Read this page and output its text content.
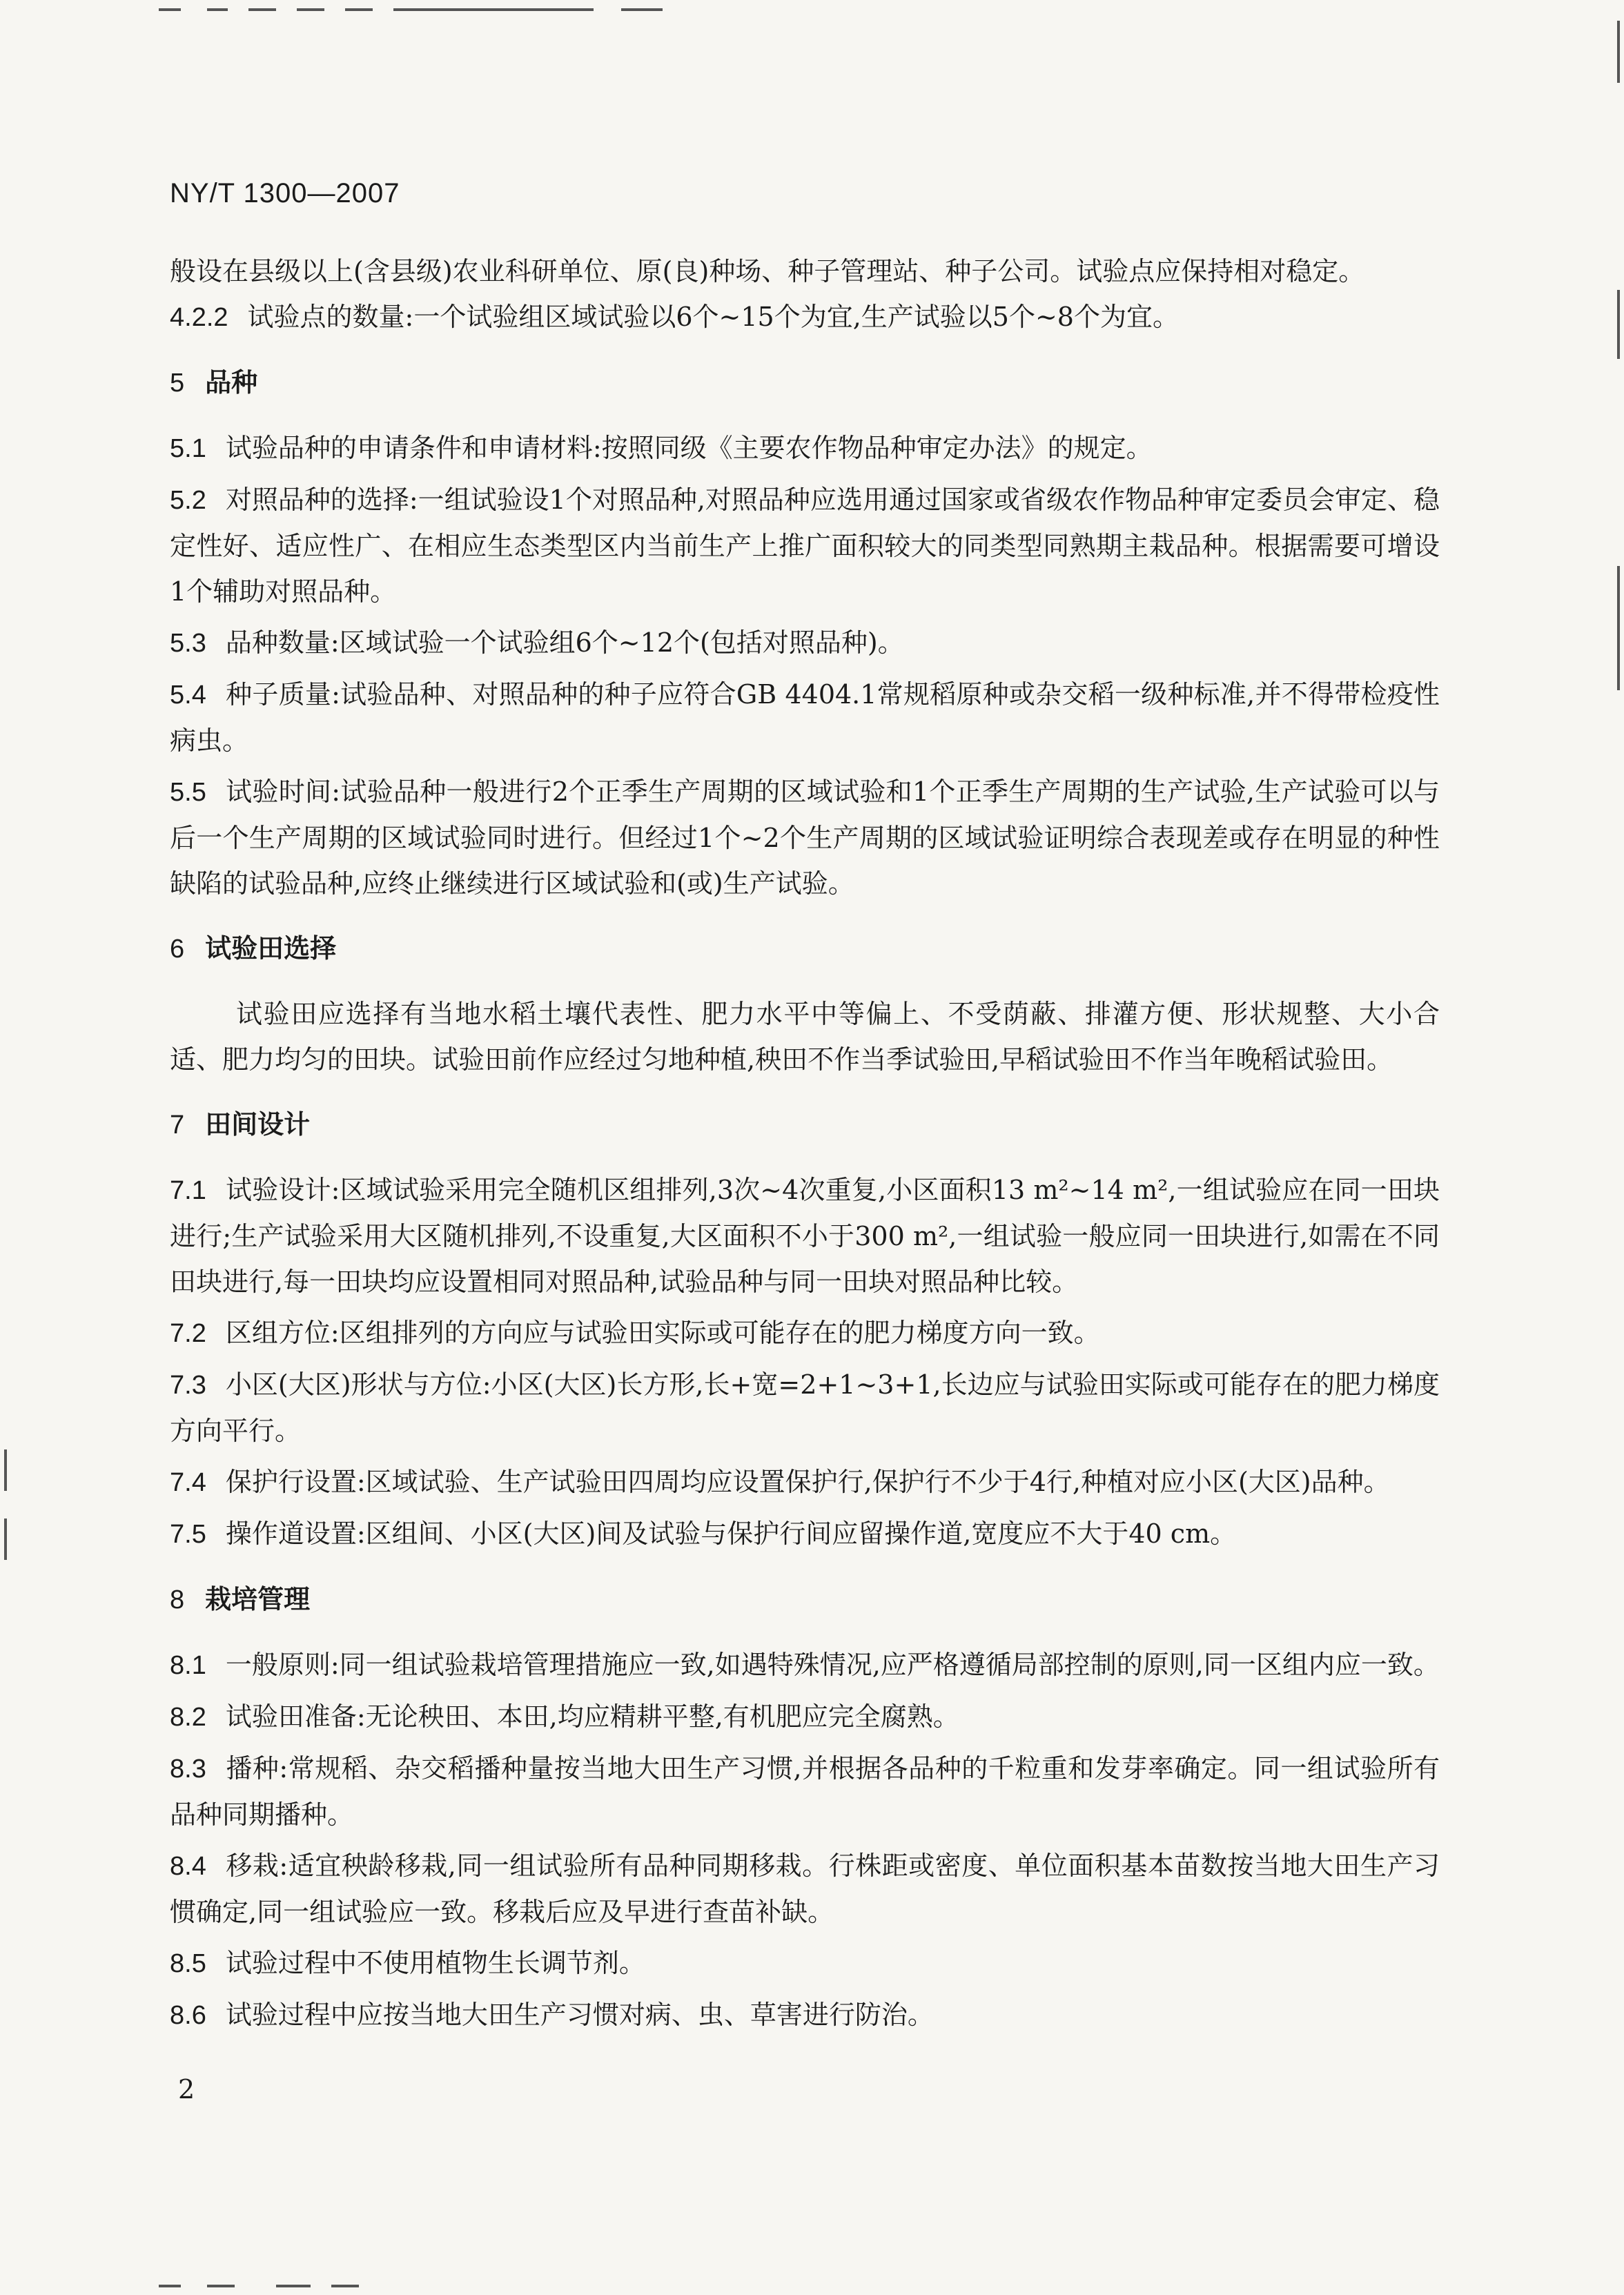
NY/T 1300—2007

般设在县级以上(含县级)农业科研单位、原(良)种场、种子管理站、种子公司。试验点应保持相对稳定。

4.2.2 试验点的数量:一个试验组区域试验以6个~15个为宜,生产试验以5个~8个为宜。

5 品种

5.1 试验品种的申请条件和申请材料:按照同级《主要农作物品种审定办法》的规定。

5.2 对照品种的选择:一组试验设1个对照品种,对照品种应选用通过国家或省级农作物品种审定委员会审定、稳定性好、适应性广、在相应生态类型区内当前生产上推广面积较大的同类型同熟期主栽品种。根据需要可增设1个辅助对照品种。

5.3 品种数量:区域试验一个试验组6个~12个(包括对照品种)。

5.4 种子质量:试验品种、对照品种的种子应符合GB 4404.1常规稻原种或杂交稻一级种标准,并不得带检疫性病虫。

5.5 试验时间:试验品种一般进行2个正季生产周期的区域试验和1个正季生产周期的生产试验,生产试验可以与后一个生产周期的区域试验同时进行。但经过1个~2个生产周期的区域试验证明综合表现差或存在明显的种性缺陷的试验品种,应终止继续进行区域试验和(或)生产试验。

6 试验田选择

试验田应选择有当地水稻土壤代表性、肥力水平中等偏上、不受荫蔽、排灌方便、形状规整、大小合适、肥力均匀的田块。试验田前作应经过匀地种植,秧田不作当季试验田,早稻试验田不作当年晚稻试验田。

7 田间设计

7.1 试验设计:区域试验采用完全随机区组排列,3次~4次重复,小区面积13 m²~14 m²,一组试验应在同一田块进行;生产试验采用大区随机排列,不设重复,大区面积不小于300 m²,一组试验一般应同一田块进行,如需在不同田块进行,每一田块均应设置相同对照品种,试验品种与同一田块对照品种比较。

7.2 区组方位:区组排列的方向应与试验田实际或可能存在的肥力梯度方向一致。

7.3 小区(大区)形状与方位:小区(大区)长方形,长+宽=2+1~3+1,长边应与试验田实际或可能存在的肥力梯度方向平行。

7.4 保护行设置:区域试验、生产试验田四周均应设置保护行,保护行不少于4行,种植对应小区(大区)品种。

7.5 操作道设置:区组间、小区(大区)间及试验与保护行间应留操作道,宽度应不大于40 cm。

8 栽培管理

8.1 一般原则:同一组试验栽培管理措施应一致,如遇特殊情况,应严格遵循局部控制的原则,同一区组内应一致。

8.2 试验田准备:无论秧田、本田,均应精耕平整,有机肥应完全腐熟。

8.3 播种:常规稻、杂交稻播种量按当地大田生产习惯,并根据各品种的千粒重和发芽率确定。同一组试验所有品种同期播种。

8.4 移栽:适宜秧龄移栽,同一组试验所有品种同期移栽。行株距或密度、单位面积基本苗数按当地大田生产习惯确定,同一组试验应一致。移栽后应及早进行查苗补缺。

8.5 试验过程中不使用植物生长调节剂。

8.6 试验过程中应按当地大田生产习惯对病、虫、草害进行防治。

2
